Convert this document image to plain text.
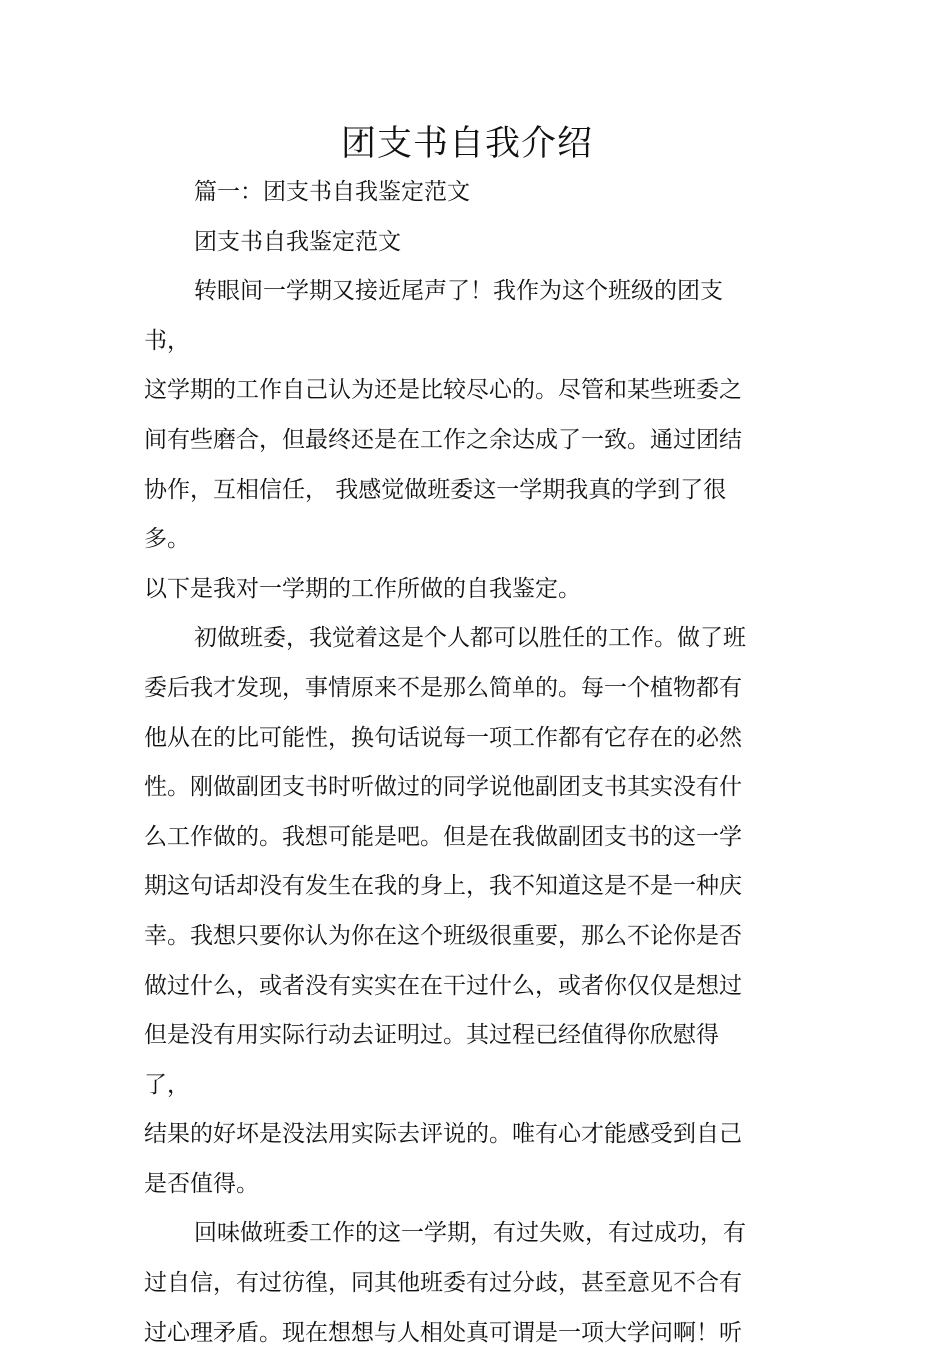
团支书自我介绍

篇一：团支书自我鉴定范文

团支书自我鉴定范文

转眼间一学期又接近尾声了！我作为这个班级的团支书，
这学期的工作自己认为还是比较尽心的。尽管和某些班委之
间有些磨合，但最终还是在工作之余达成了一致。通过团结
协作，互相信任， 我感觉做班委这一学期我真的学到了很多。
以下是我对一学期的工作所做的自我鉴定。

初做班委，我觉着这是个人都可以胜任的工作。做了班
委后我才发现，事情原来不是那么简单的。每一个植物都有
他从在的比可能性，换句话说每一项工作都有它存在的必然
性。刚做副团支书时听做过的同学说他副团支书其实没有什
么工作做的。我想可能是吧。但是在我做副团支书的这一学
期这句话却没有发生在我的身上，我不知道这是不是一种庆
幸。我想只要你认为你在这个班级很重要，那么不论你是否
做过什么，或者没有实实在在干过什么，或者你仅仅是想过
但是没有用实际行动去证明过。其过程已经值得你欣慰得了，
结果的好坏是没法用实际去评说的。唯有心才能感受到自己
是否值得。

回味做班委工作的这一学期，有过失败，有过成功，有
过自信，有过彷徨，同其他班委有过分歧，甚至意见不合有
过心理矛盾。现在想想与人相处真可谓是一项大学问啊！听
